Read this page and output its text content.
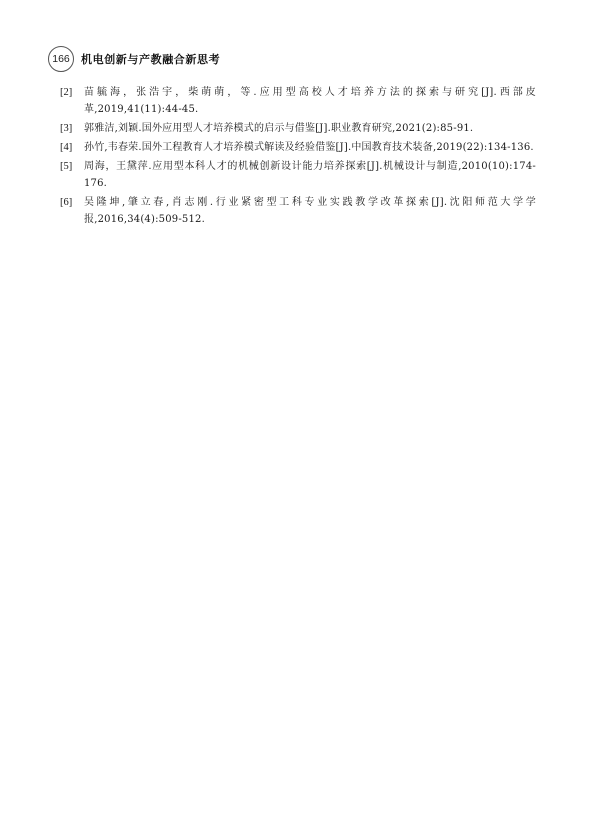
166	机电创新与产教融合新思考
[2]	苗毓海，张浩宇，柴萌萌，等.应用型高校人才培养方法的探索与研究[J].西部皮革,2019,41(11):44-45.
[3]	郭雅洁,刘颖.国外应用型人才培养模式的启示与借鉴[J].职业教育研究,2021(2):85-91.
[4]	孙竹,韦春荣.国外工程教育人才培养模式解读及经验借鉴[J].中国教育技术装备,2019(22):134-136.
[5]	周海，王黛萍.应用型本科人才的机械创新设计能力培养探索[J].机械设计与制造,2010(10):174-176.
[6]	吴隆坤,肇立春,肖志刚.行业紧密型工科专业实践教学改革探索[J].沈阳师范大学学报,2016,34(4):509-512.
